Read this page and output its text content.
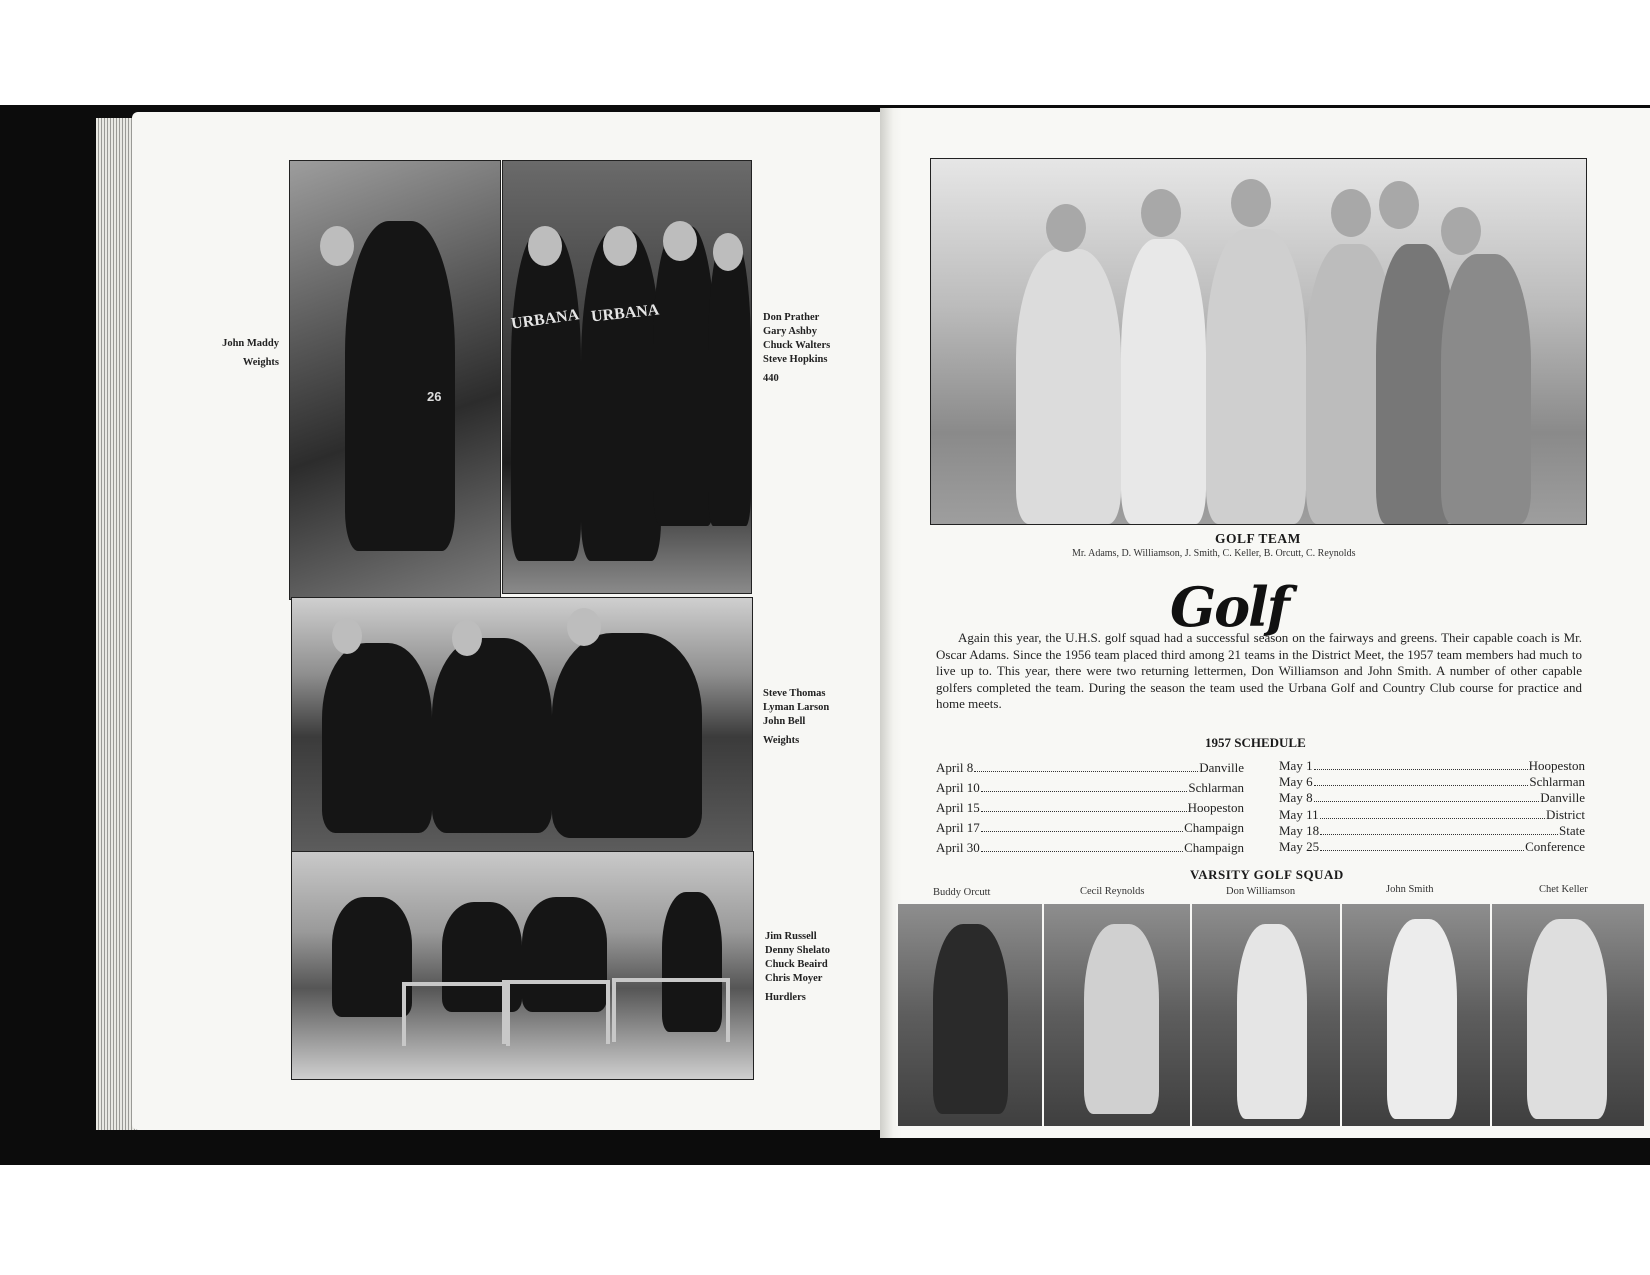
26
URBANA URBANA
John Maddy
Weights
Don Prather
Gary Ashby
Chuck Walters
Steve Hopkins
440
Steve Thomas
Lyman Larson
John Bell
Weights
Jim Russell
Denny Shelato
Chuck Beaird
Chris Moyer
Hurdlers
GOLF TEAM
Mr. Adams, D. Williamson, J. Smith, C. Keller, B. Orcutt, C. Reynolds
Golf
Again this year, the U.H.S. golf squad had a successful season on the fairways and greens. Their capable coach is Mr. Oscar Adams. Since the 1956 team placed third among 21 teams in the District Meet, the 1957 team members had much to live up to. This year, there were two returning lettermen, Don Williamson and John Smith. A number of other capable golfers completed the team. During the season the team used the Urbana Golf and Country Club course for practice and home meets.
1957 SCHEDULE
April 8	Danville
April 10	Schlarman
April 15	Hoopeston
April 17	Champaign
April 30	Champaign
May 1	Hoopeston
May 6	Schlarman
May 8	Danville
May 11	District
May 18	State
May 25	Conference
VARSITY GOLF SQUAD
Buddy Orcutt	Cecil Reynolds	Don Williamson	John Smith	Chet Keller
